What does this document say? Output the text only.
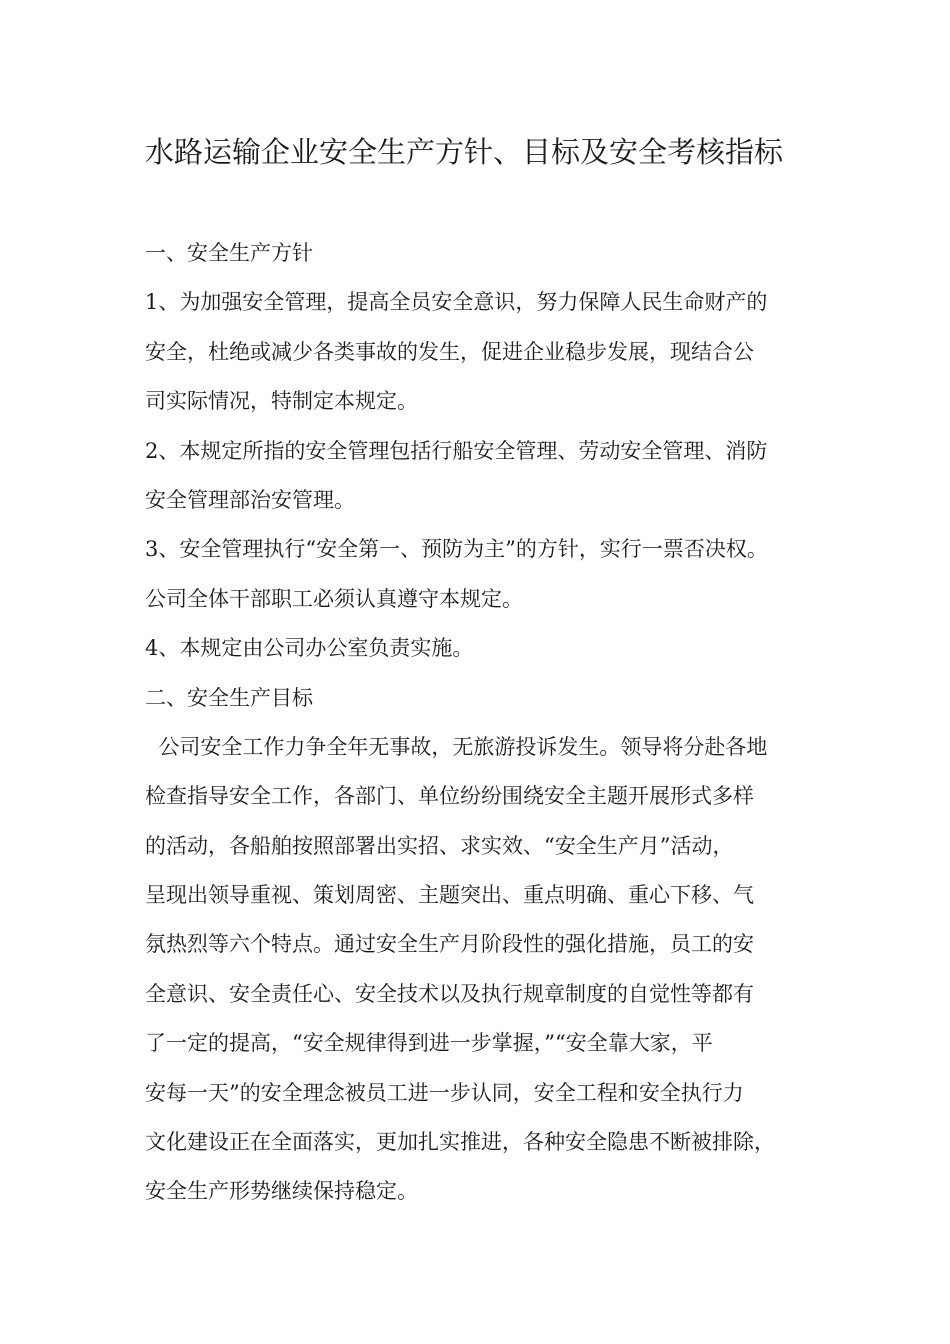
水路运输企业安全生产方针、目标及安全考核指标
一、安全生产方针
1、为加强安全管理，提高全员安全意识，努力保障人民生命财产的
安全，杜绝或减少各类事故的发生，促进企业稳步发展，现结合公
司实际情况，特制定本规定。
2、本规定所指的安全管理包括行船安全管理、劳动安全管理、消防
安全管理部治安管理。
3、安全管理执行“安全第一、预防为主”的方针，实行一票否决权。
公司全体干部职工必须认真遵守本规定。
4、本规定由公司办公室负责实施。
二、安全生产目标
公司安全工作力争全年无事故，无旅游投诉发生。领导将分赴各地
检查指导安全工作，各部门、单位纷纷围绕安全主题开展形式多样
的活动，各船舶按照部署出实招、求实效、“安全生产月”活动，
呈现出领导重视、策划周密、主题突出、重点明确、重心下移、气
氛热烈等六个特点。通过安全生产月阶段性的强化措施，员工的安
全意识、安全责任心、安全技术以及执行规章制度的自觉性等都有
了一定的提高，“安全规律得到进一步掌握，”“安全靠大家，平
安每一天”的安全理念被员工进一步认同，安全工程和安全执行力
文化建设正在全面落实，更加扎实推进，各种安全隐患不断被排除，
安全生产形势继续保持稳定。
